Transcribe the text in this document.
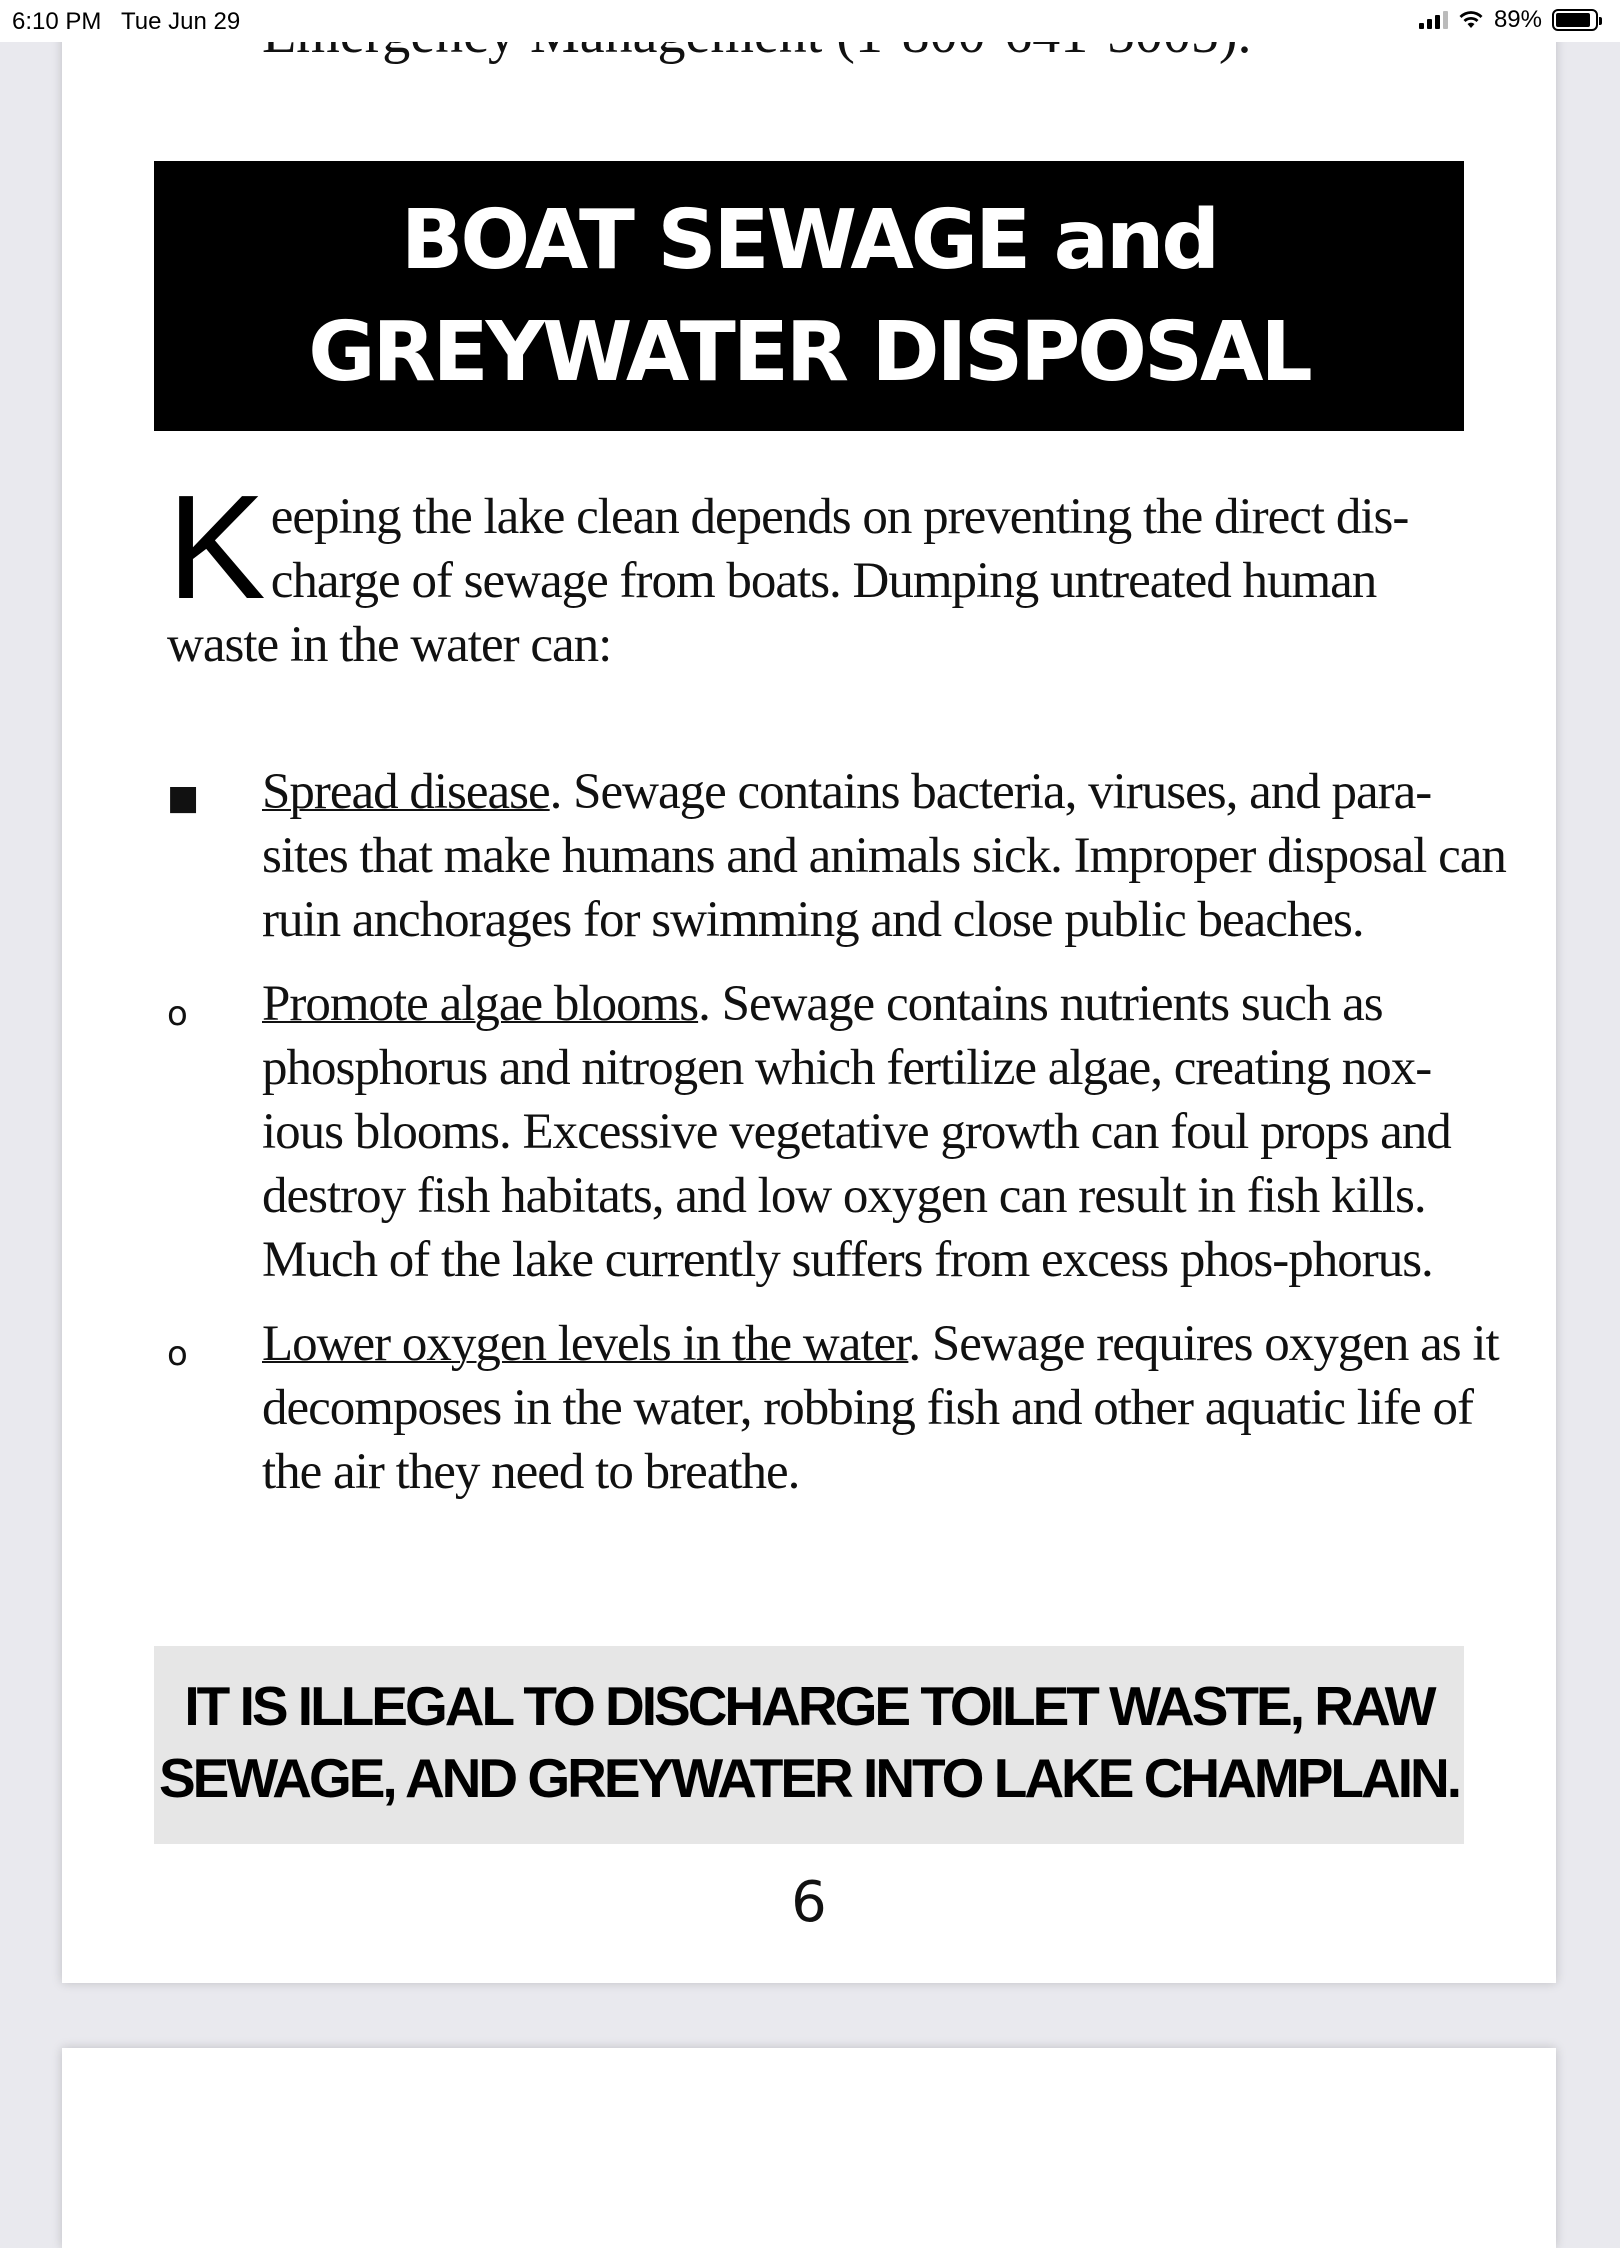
6:10 PM Tue Jun 29	89%
BOAT SEWAGE and
GREYWATER DISPOSAL
Keeping the lake clean depends on preventing the direct dis-charge of sewage from boats. Dumping untreated human waste in the water can:
■ Spread disease. Sewage contains bacteria, viruses, and para-sites that make humans and animals sick. Improper disposal can ruin anchorages for swimming and close public beaches.
o Promote algae blooms. Sewage contains nutrients such as phosphorus and nitrogen which fertilize algae, creating nox-ious blooms. Excessive vegetative growth can foul props and destroy fish habitats, and low oxygen can result in fish kills. Much of the lake currently suffers from excess phos-phorus.
o Lower oxygen levels in the water. Sewage requires oxygen as it decomposes in the water, robbing fish and other aquatic life of the air they need to breathe.
IT IS ILLEGAL TO DISCHARGE TOILET WASTE, RAW
SEWAGE, AND GREYWATER INTO LAKE CHAMPLAIN.
6
